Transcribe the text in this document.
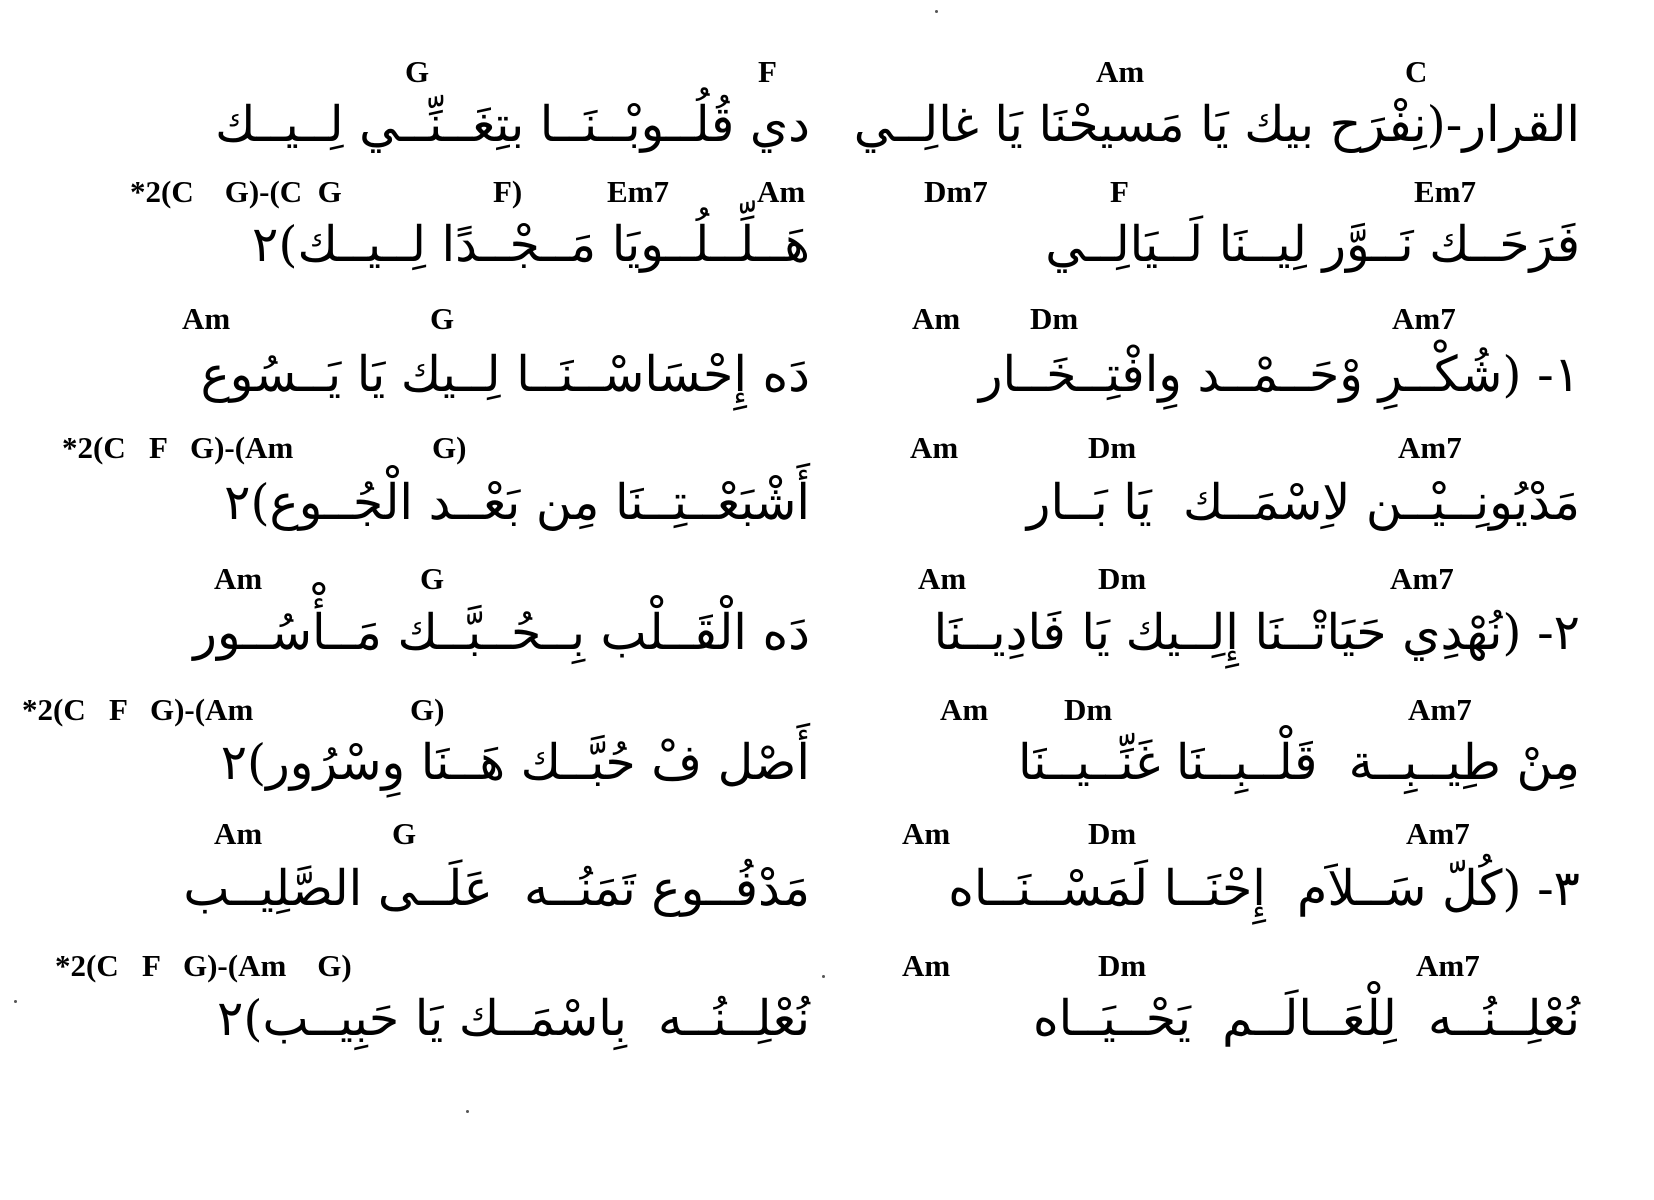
G	F	Am	C
دي قُلُــوبْــنَــا بتِغَــنِّــي لِــيــك القرار-(نِفْرَح بيك يَا مَسيحْنَا يَا غالِــي
*2(C    G)-(C  G	F)	Em7	Am	Dm7	F	Em7
هَــلِّــلُــويَا مَــجْــدًا لِــيــك)٢	فَرَحَــك نَــوَّر لِيــنَا لَــيَالِــي
Am	G	Am Dm	Am7
دَه إِحْسَاسْــنَــا لِــيك يَا يَــسُوع	١- (شُكْــرِ وْحَــمْــد وِافْتِــخَــار
*2(C   F   G)-(Am	G)	Am	Dm	Am7
أَشْبَعْــتِــنَا مِن بَعْــد الْجُــوع)٢	مَدْيُونِــيْــن لاِسْمَــك  يَا بَــار
Am	G	Am	Dm	Am7
دَه الْقَــلْب بِــحُــبَّــك مَــأْسُــور	٢- (نُهْدِي حَيَاتْــنَا إِلِــيك يَا فَادِيــنَا
*2(C   F   G)-(Am	G)	Am Dm	Am7
أَصْل فْ حُبَّــك هَــنَا وِسْرُور)٢	مِنْ طِيــبِــة  قَلْــبِــنَا غَنِّــيــنَا
Am	G	Am	Dm	Am7
مَدْفُــوع تَمَنُــه  عَلَــى الصَّلِيــب	٣- (كُلّ سَــلاَم  إِحْنَــا لَمَسْــنَــاه
*2(C   F   G)-(Am    G)	Am	Dm	Am7
نُعْلِــنُــه  بِاسْمَــك يَا حَبِيــب)٢	نُعْلِــنُــه  لِلْعَــالَــم  يَحْــيَــاه
